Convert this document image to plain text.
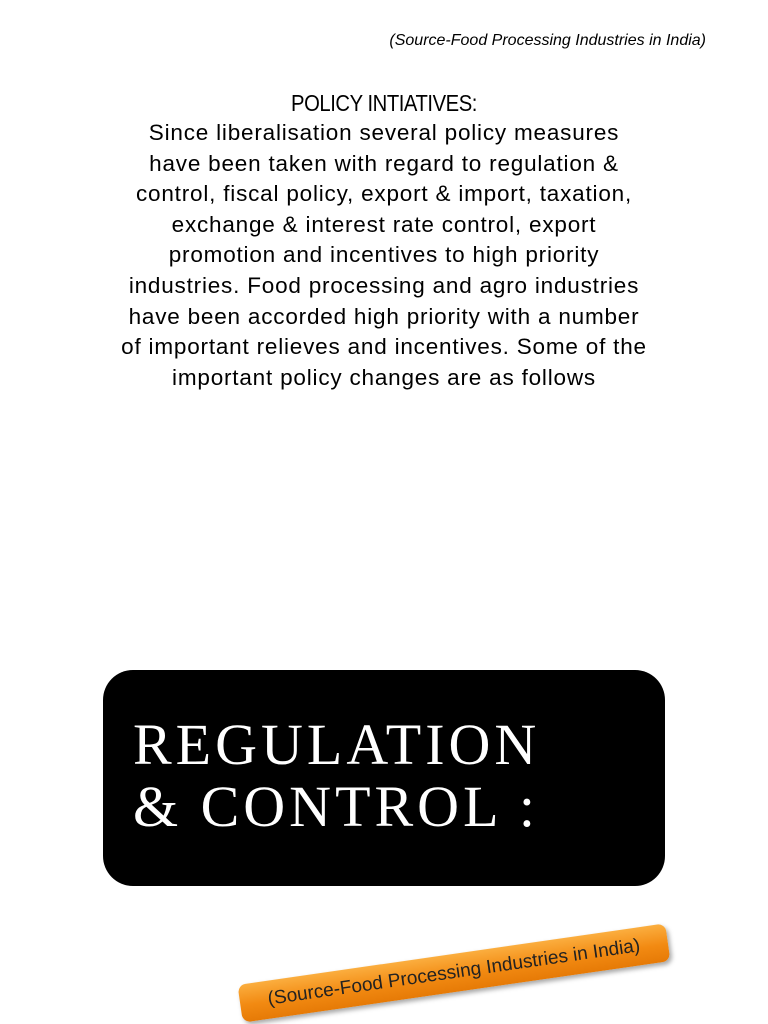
(Source-Food Processing Industries in India)
POLICY INTIATIVES:
Since liberalisation several policy measures have been taken with regard to regulation & control, fiscal policy, export & import, taxation, exchange & interest rate control, export promotion and incentives to high priority industries. Food processing and agro industries have been accorded high priority with a number of important relieves and incentives. Some of the important policy changes are as follows
REGULATION
& CONTROL :
(Source-Food Processing Industries in India)
